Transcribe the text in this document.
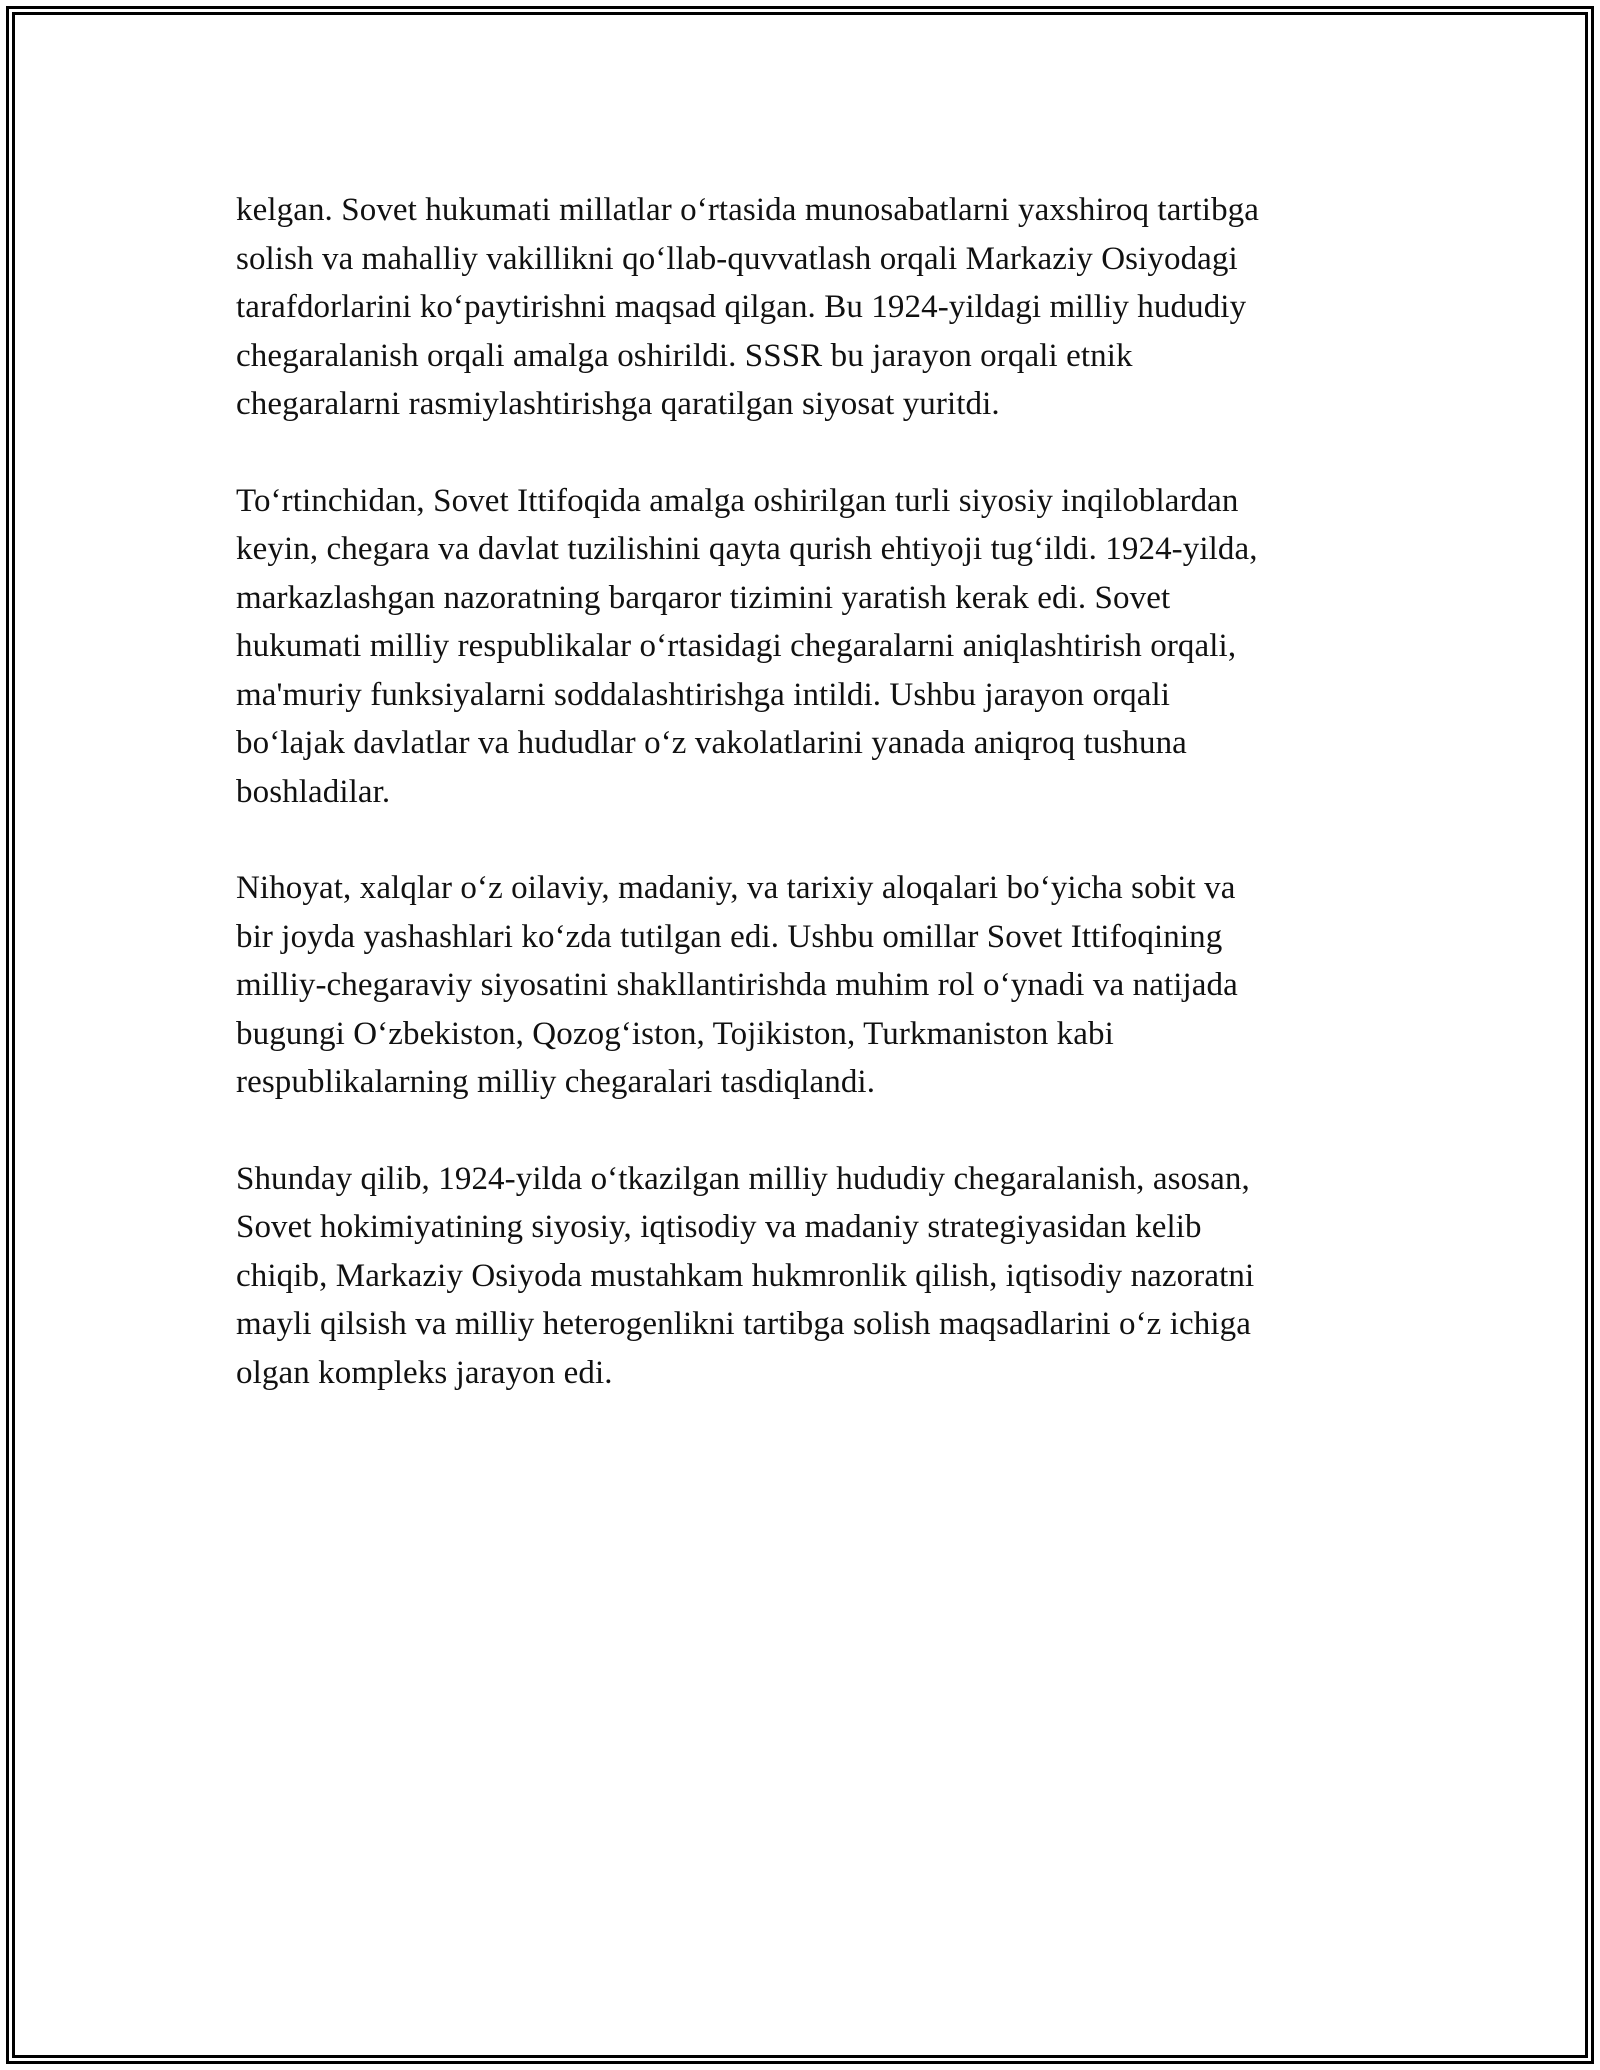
kelgan. Sovet hukumati millatlar o‘rtasida munosabatlarni yaxshiroq tartibga
solish va mahalliy vakillikni qo‘llab-quvvatlash orqali Markaziy Osiyodagi
tarafdorlarini ko‘paytirishni maqsad qilgan. Bu 1924-yildagi milliy hududiy
chegaralanish orqali amalga oshirildi. SSSR bu jarayon orqali etnik
chegaralarni rasmiylashtirishga qaratilgan siyosat yuritdi.

To‘rtinchidan, Sovet Ittifoqida amalga oshirilgan turli siyosiy inqiloblardan
keyin, chegara va davlat tuzilishini qayta qurish ehtiyoji tug‘ildi. 1924-yilda,
markazlashgan nazoratning barqaror tizimini yaratish kerak edi. Sovet
hukumati milliy respublikalar o‘rtasidagi chegaralarni aniqlashtirish orqali,
ma'muriy funksiyalarni soddalashtirishga intildi. Ushbu jarayon orqali
bo‘lajak davlatlar va hududlar o‘z vakolatlarini yanada aniqroq tushuna
boshladilar.

Nihoyat, xalqlar o‘z oilaviy, madaniy, va tarixiy aloqalari bo‘yicha sobit va
bir joyda yashashlari ko‘zda tutilgan edi. Ushbu omillar Sovet Ittifoqining
milliy-chegaraviy siyosatini shakllantirishda muhim rol o‘ynadi va natijada
bugungi O‘zbekiston, Qozog‘iston, Tojikiston, Turkmaniston kabi
respublikalarning milliy chegaralari tasdiqlandi.

Shunday qilib, 1924-yilda o‘tkazilgan milliy hududiy chegaralanish, asosan,
Sovet hokimiyatining siyosiy, iqtisodiy va madaniy strategiyasidan kelib
chiqib, Markaziy Osiyoda mustahkam hukmronlik qilish, iqtisodiy nazoratni
mayli qilsish va milliy heterogenlikni tartibga solish maqsadlarini o‘z ichiga
olgan kompleks jarayon edi.
